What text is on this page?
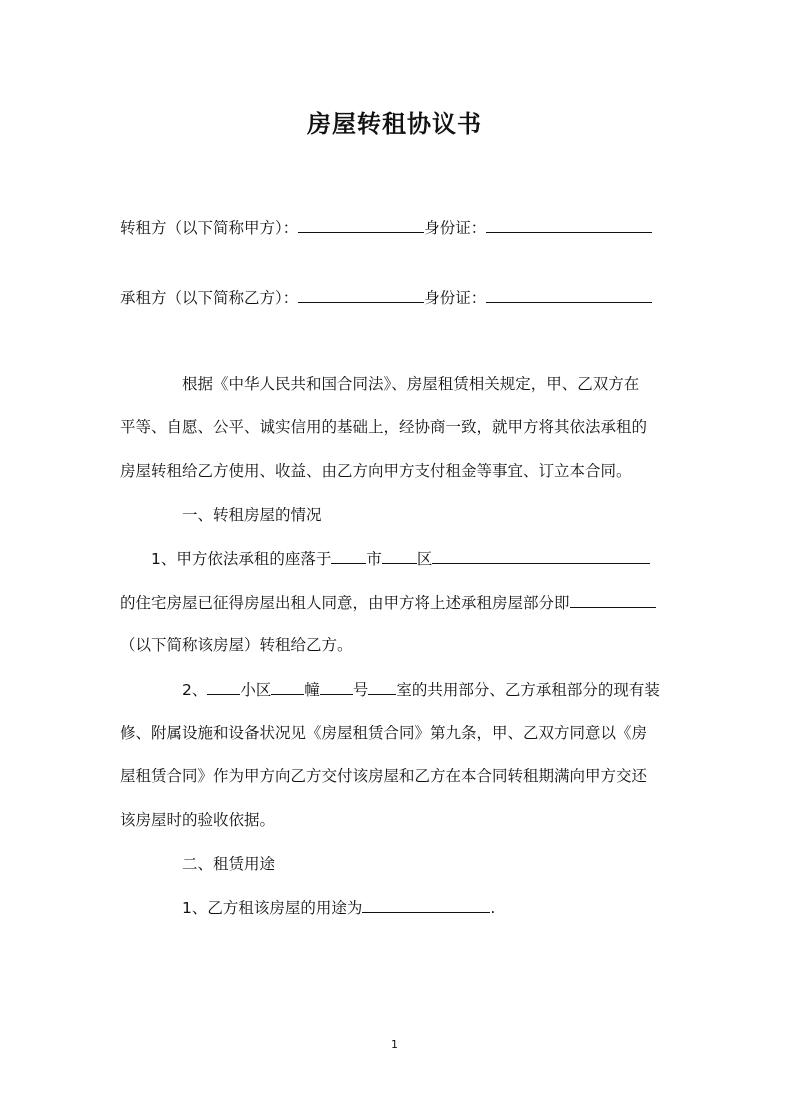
房屋转租协议书
转租方（以下简称甲方）：	身份证：
承租方（以下简称乙方）：	身份证：
根据《中华人民共和国合同法》、房屋租赁相关规定，甲、乙双方在
平等、自愿、公平、诚实信用的基础上，经协商一致，就甲方将其依法承租的
房屋转租给乙方使用、收益、由乙方向甲方支付租金等事宜、订立本合同。
一、转租房屋的情况
1、甲方依法承租的座落于 市 区
的住宅房屋已征得房屋出租人同意，由甲方将上述承租房屋部分即
（以下简称该房屋）转租给乙方。
2、 小区 幢 号 室的共用部分、乙方承租部分的现有装
修、附属设施和设备状况见《房屋租赁合同》第九条，甲、乙双方同意以《房
屋租赁合同》作为甲方向乙方交付该房屋和乙方在本合同转租期满向甲方交还
该房屋时的验收依据。
二、租赁用途
1、乙方租该房屋的用途为	.
1
